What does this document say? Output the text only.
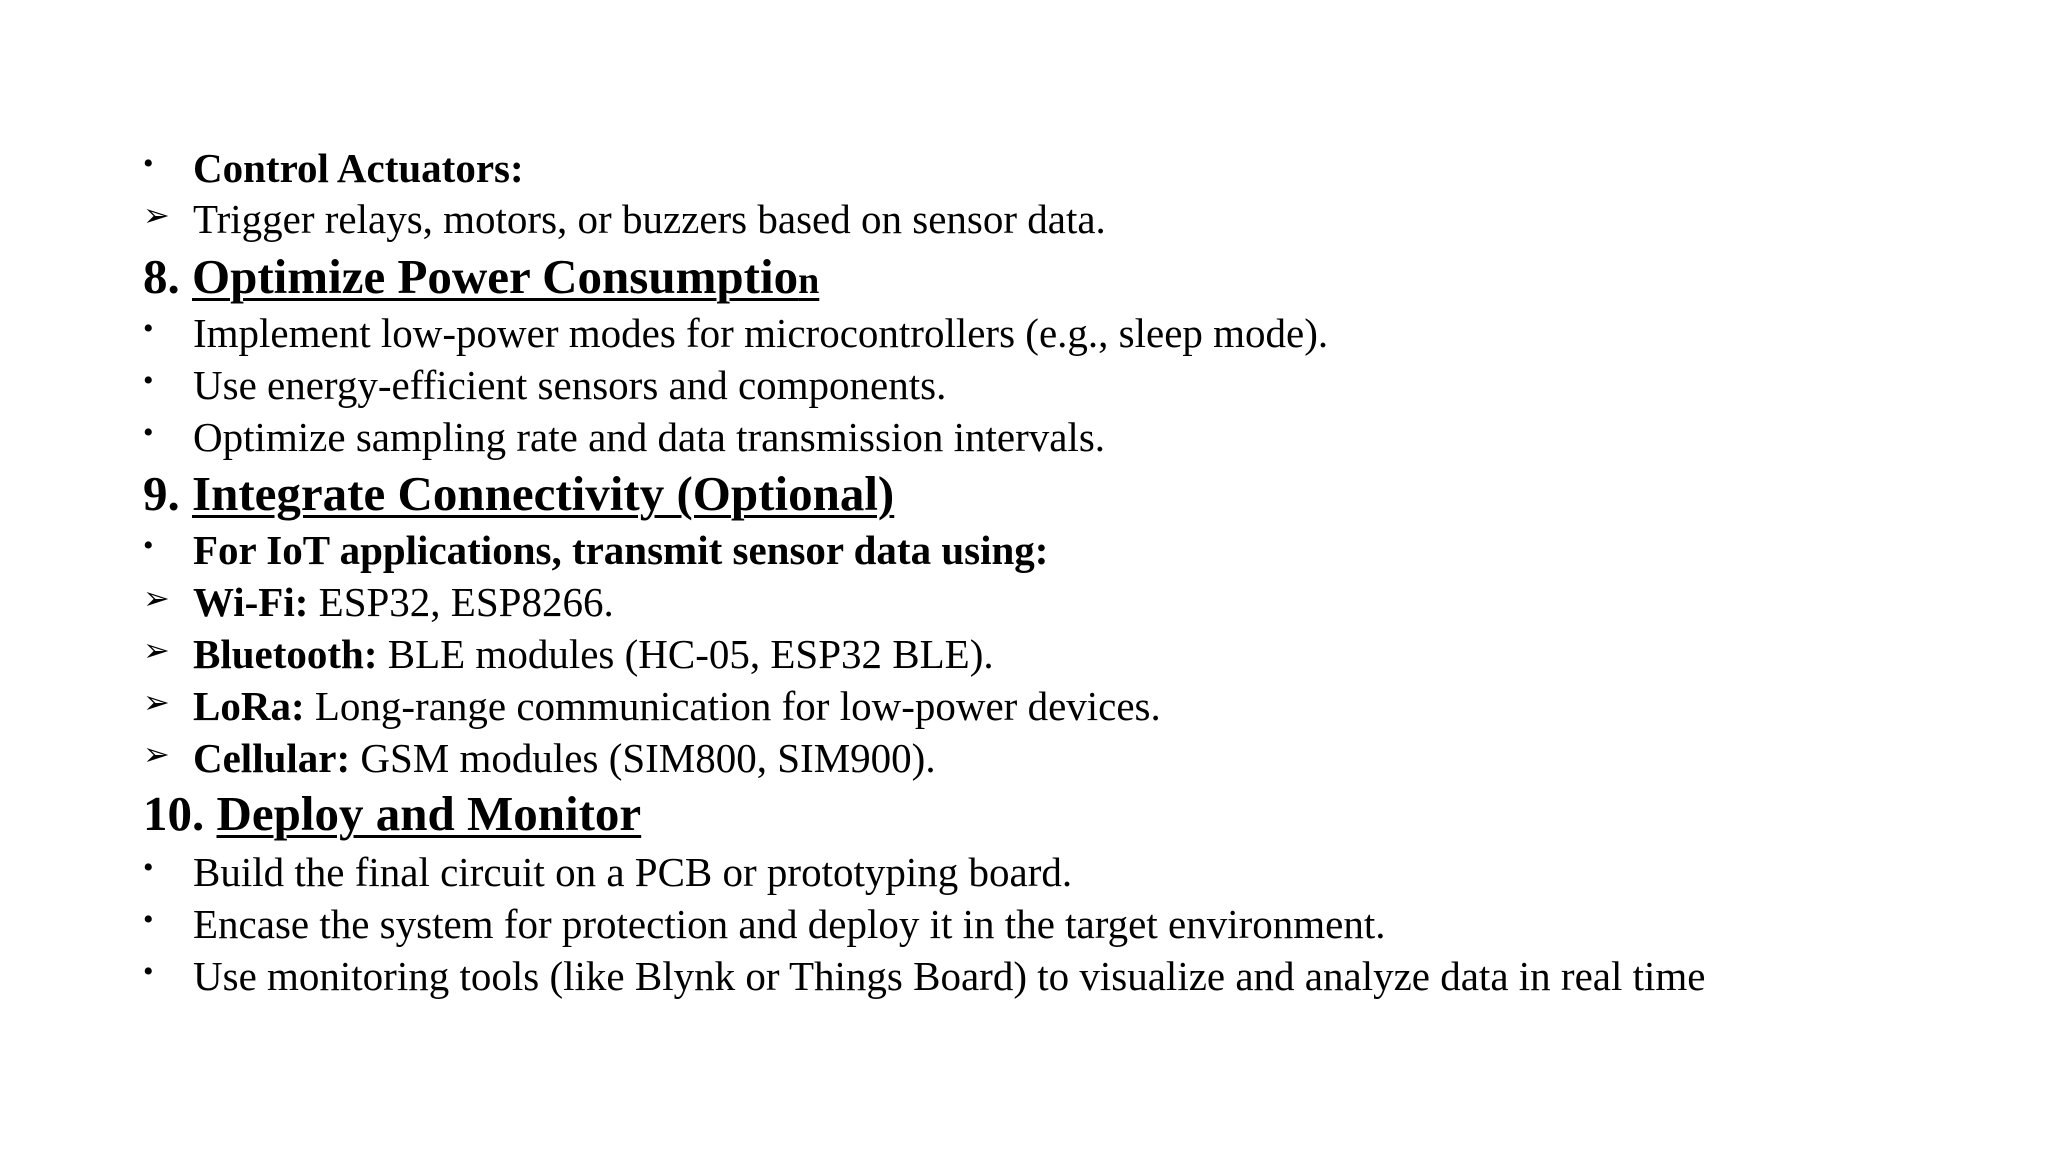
• Control Actuators:
➢ Trigger relays, motors, or buzzers based on sensor data.
8. Optimize Power Consumption
• Implement low-power modes for microcontrollers (e.g., sleep mode).
• Use energy-efficient sensors and components.
• Optimize sampling rate and data transmission intervals.
9. Integrate Connectivity (Optional)
• For IoT applications, transmit sensor data using:
➢ Wi-Fi: ESP32, ESP8266.
➢ Bluetooth: BLE modules (HC-05, ESP32 BLE).
➢ LoRa: Long-range communication for low-power devices.
➢ Cellular: GSM modules (SIM800, SIM900).
10. Deploy and Monitor
• Build the final circuit on a PCB or prototyping board.
• Encase the system for protection and deploy it in the target environment.
• Use monitoring tools (like Blynk or Things Board) to visualize and analyze data in real time
